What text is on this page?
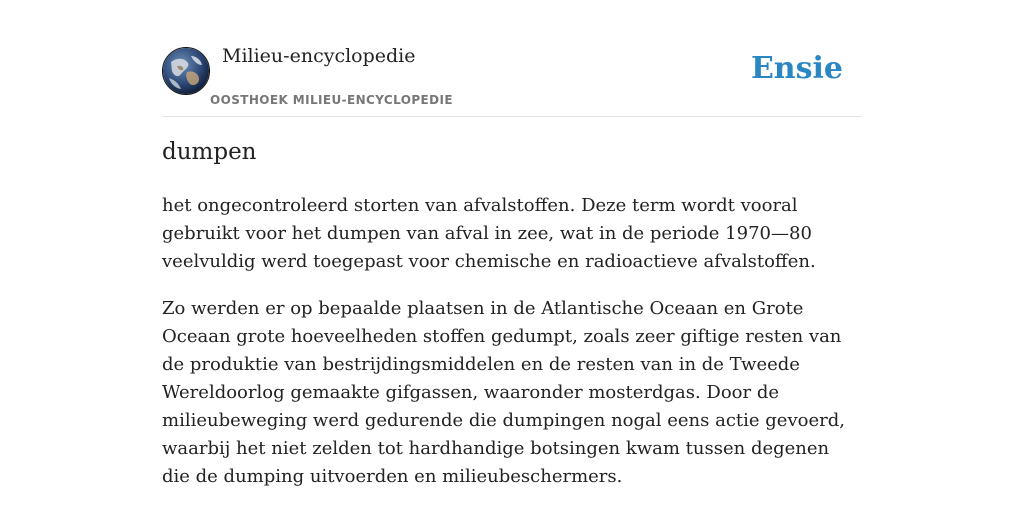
Milieu-encyclopedie
OOSTHOEK MILIEU-ENCYCLOPEDIE
Ensie
dumpen

het ongecontroleerd storten van afvalstoffen. Deze term wordt vooral gebruikt voor het dumpen van afval in zee, wat in de periode 1970—80 veelvuldig werd toegepast voor chemische en radioactieve afvalstoffen.

Zo werden er op bepaalde plaatsen in de Atlantische Oceaan en Grote Oceaan grote hoeveelheden stoffen gedumpt, zoals zeer giftige resten van de produktie van bestrijdingsmiddelen en de resten van in de Tweede Wereldoorlog gemaakte gifgassen, waaronder mosterdgas. Door de milieubeweging werd gedurende die dumpingen nogal eens actie gevoerd, waarbij het niet zelden tot hardhandige botsingen kwam tussen degenen die de dumping uitvoerden en milieubeschermers.
